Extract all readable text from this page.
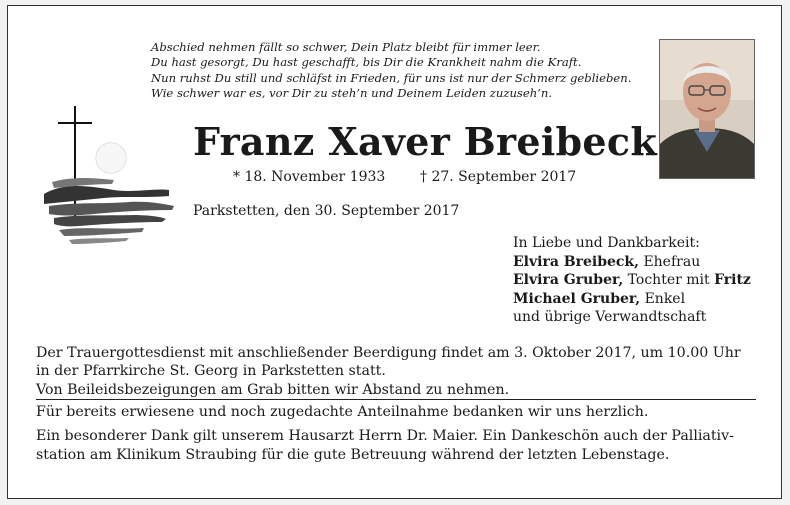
Abschied nehmen fällt so schwer, Dein Platz bleibt für immer leer.
Du hast gesorgt, Du hast geschafft, bis Dir die Krankheit nahm die Kraft.
Nun ruhst Du still und schläfst in Frieden, für uns ist nur der Schmerz geblieben.
Wie schwer war es, vor Dir zu steh’n und Deinem Leiden zuzuseh’n.
Franz Xaver Breibeck
* 18. November 1933 † 27. September 2017
Parkstetten, den 30. September 2017
In Liebe und Dankbarkeit:
Elvira Breibeck, Ehefrau
Elvira Gruber, Tochter mit Fritz
Michael Gruber, Enkel
und übrige Verwandtschaft
Der Trauergottesdienst mit anschließender Beerdigung findet am 3. Oktober 2017, um 10.00 Uhr
in der Pfarrkirche St. Georg in Parkstetten statt.
Von Beileidsbezeigungen am Grab bitten wir Abstand zu nehmen.
Für bereits erwiesene und noch zugedachte Anteilnahme bedanken wir uns herzlich.
Ein besonderer Dank gilt unserem Hausarzt Herrn Dr. Maier. Ein Dankeschön auch der Palliativ-
station am Klinikum Straubing für die gute Betreuung während der letzten Lebenstage.
